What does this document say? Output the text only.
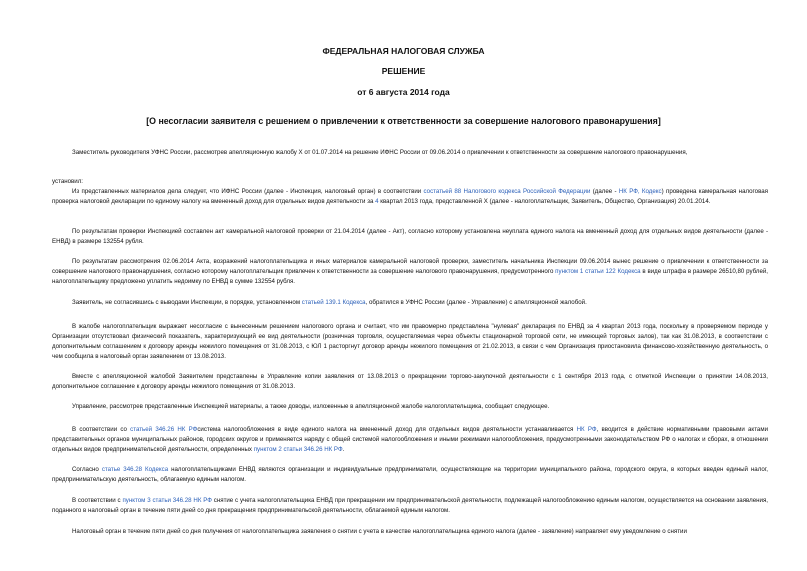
ФЕДЕРАЛЬНАЯ НАЛОГОВАЯ СЛУЖБА
РЕШЕНИЕ
от 6 августа 2014 года
[О несогласии заявителя с решением о привлечении к ответственности за совершение налогового правонарушения]
Заместитель руководителя УФНС России, рассмотрев апелляционную жалобу Х от 01.07.2014 на решение ИФНС России от 09.06.2014 о привлечении к ответственности за совершение налогового правонарушения,
установил:
Из представленных материалов дела следует, что ИФНС России (далее - Инспекция, налоговый орган) в соответствии состатьей 88 Налогового кодекса Российской Федерации (далее - НК РФ, Кодекс) проведена камеральная налоговая проверка налоговой декларации по единому налогу на вмененный доход для отдельных видов деятельности за 4 квартал 2013 года, представленной Х (далее - налогоплательщик, Заявитель, Общество, Организация) 20.01.2014.
По результатам проверки Инспекцией составлен акт камеральной налоговой проверки от 21.04.2014 (далее - Акт), согласно которому установлена неуплата единого налога на вмененный доход для отдельных видов деятельности (далее - ЕНВД) в размере 132554 рубля.
По результатам рассмотрения 02.06.2014 Акта, возражений налогоплательщика и иных материалов камеральной налоговой проверки, заместитель начальника Инспекции 09.06.2014 вынес решение о привлечении к ответственности за совершение налогового правонарушения, согласно которому налогоплательщик привлечен к ответственности за совершение налогового правонарушения, предусмотренного пунктом 1 статьи 122 Кодекса в виде штрафа в размере 26510,80 рублей, налогоплательщику предложено уплатить недоимку по ЕНВД в сумме 132554 рубля.
Заявитель, не согласившись с выводами Инспекции, в порядке, установленном статьей 139.1 Кодекса, обратился в УФНС России (далее - Управление) с апелляционной жалобой.
В жалобе налогоплательщик выражает несогласие с вынесенным решением налогового органа и считает, что им правомерно представлена "нулевая" декларация по ЕНВД за 4 квартал 2013 года, поскольку в проверяемом периоде у Организации отсутствовал физический показатель, характеризующий ее вид деятельности (розничная торговля, осуществляемая через объекты стационарной торговой сети, не имеющей торговых залов), так как 31.08.2013, в соответствии с дополнительным соглашением к договору аренды нежилого помещения от 31.08.2013, с ЮЛ 1 расторгнут договор аренды нежилого помещения от 21.02.2013, в связи с чем Организация приостановила финансово-хозяйственную деятельность, о чем сообщила в налоговый орган заявлением от 13.08.2013.
Вместе с апелляционной жалобой Заявителем представлены в Управление копии заявления от 13.08.2013 о прекращении торгово-закупочной деятельности с 1 сентября 2013 года, с отметкой Инспекции о принятии 14.08.2013, дополнительное соглашение к договору аренды нежилого помещения от 31.08.2013.
Управление, рассмотрев представленные Инспекцией материалы, а также доводы, изложенные в апелляционной жалобе налогоплательщика, сообщает следующее.
В соответствии со статьей 346.26 НК РФсистема налогообложения в виде единого налога на вмененный доход для отдельных видов деятельности устанавливается НК РФ, вводится в действие нормативными правовыми актами представительных органов муниципальных районов, городских округов и применяется наряду с общей системой налогообложения и иными режимами налогообложения, предусмотренными законодательством РФ о налогах и сборах, в отношении отдельных видов предпринимательской деятельности, определенных пунктом 2 статьи 346.26 НК РФ.
Согласно статье 346.28 Кодекса налогоплательщиками ЕНВД являются организации и индивидуальные предприниматели, осуществляющие на территории муниципального района, городского округа, в которых введен единый налог, предпринимательскую деятельность, облагаемую единым налогом.
В соответствии с пунктом 3 статьи 346.28 НК РФ снятие с учета налогоплательщика ЕНВД при прекращении им предпринимательской деятельности, подлежащей налогообложению единым налогом, осуществляется на основании заявления, поданного в налоговый орган в течение пяти дней со дня прекращения предпринимательской деятельности, облагаемой единым налогом.
Налоговый орган в течение пяти дней со дня получения от налогоплательщика заявления о снятии с учета в качестве налогоплательщика единого налога (далее - заявление) направляет ему уведомление о снятии
